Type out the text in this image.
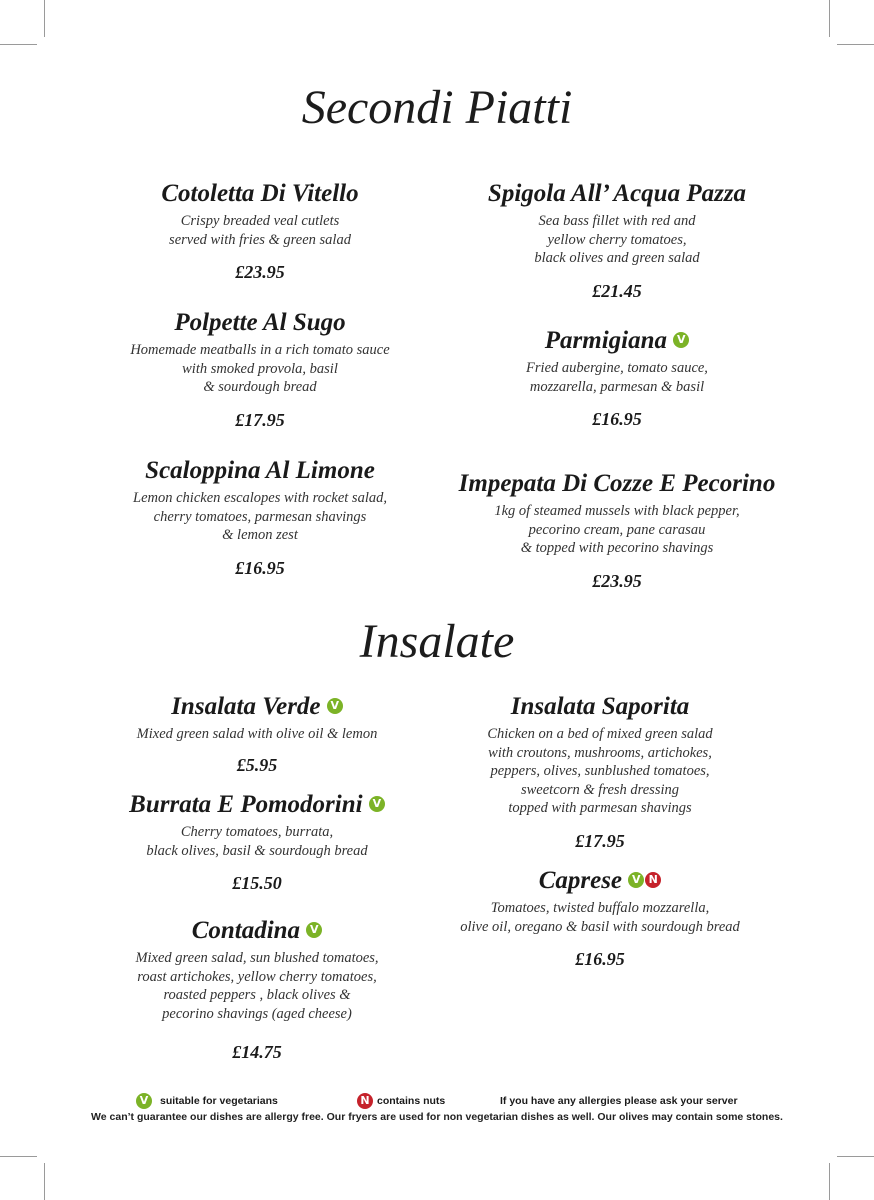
Secondi Piatti
Insalate
Cotoletta Di Vitello
Crispy breaded veal cutlets
served with fries & green salad
£23.95
Polpette Al Sugo
Homemade meatballs in a rich tomato sauce
with smoked provola, basil
& sourdough bread
£17.95
Scaloppina Al Limone
Lemon chicken escalopes with rocket salad,
cherry tomatoes, parmesan shavings
& lemon zest
£16.95
Spigola All’ Acqua Pazza
Sea bass fillet with red and
yellow cherry tomatoes,
black olives and green salad
£21.45
Parmigiana V
Fried aubergine, tomato sauce,
mozzarella, parmesan & basil
£16.95
Impepata Di Cozze E Pecorino
1kg of steamed mussels with black pepper,
pecorino cream, pane carasau
& topped with pecorino shavings
£23.95
Insalata Verde V
Mixed green salad with olive oil & lemon
£5.95
Burrata E Pomodorini V
Cherry tomatoes, burrata,
black olives, basil & sourdough bread
£15.50
Contadina V
Mixed green salad, sun blushed tomatoes,
roast artichokes, yellow cherry tomatoes,
roasted peppers , black olives &
pecorino shavings (aged cheese)
£14.75
Insalata Saporita
Chicken on a bed of mixed green salad
with croutons, mushrooms, artichokes,
peppers, olives, sunblushed tomatoes,
sweetcorn & fresh dressing
topped with parmesan shavings
£17.95
Caprese V N
Tomatoes, twisted buffalo mozzarella,
olive oil, oregano & basil with sourdough bread
£16.95
V	suitable for vegetarians	N contains nuts	If you have any allergies please ask your server
We can’t guarantee our dishes are allergy free. Our fryers are used for non vegetarian dishes as well. Our olives may contain some stones.
